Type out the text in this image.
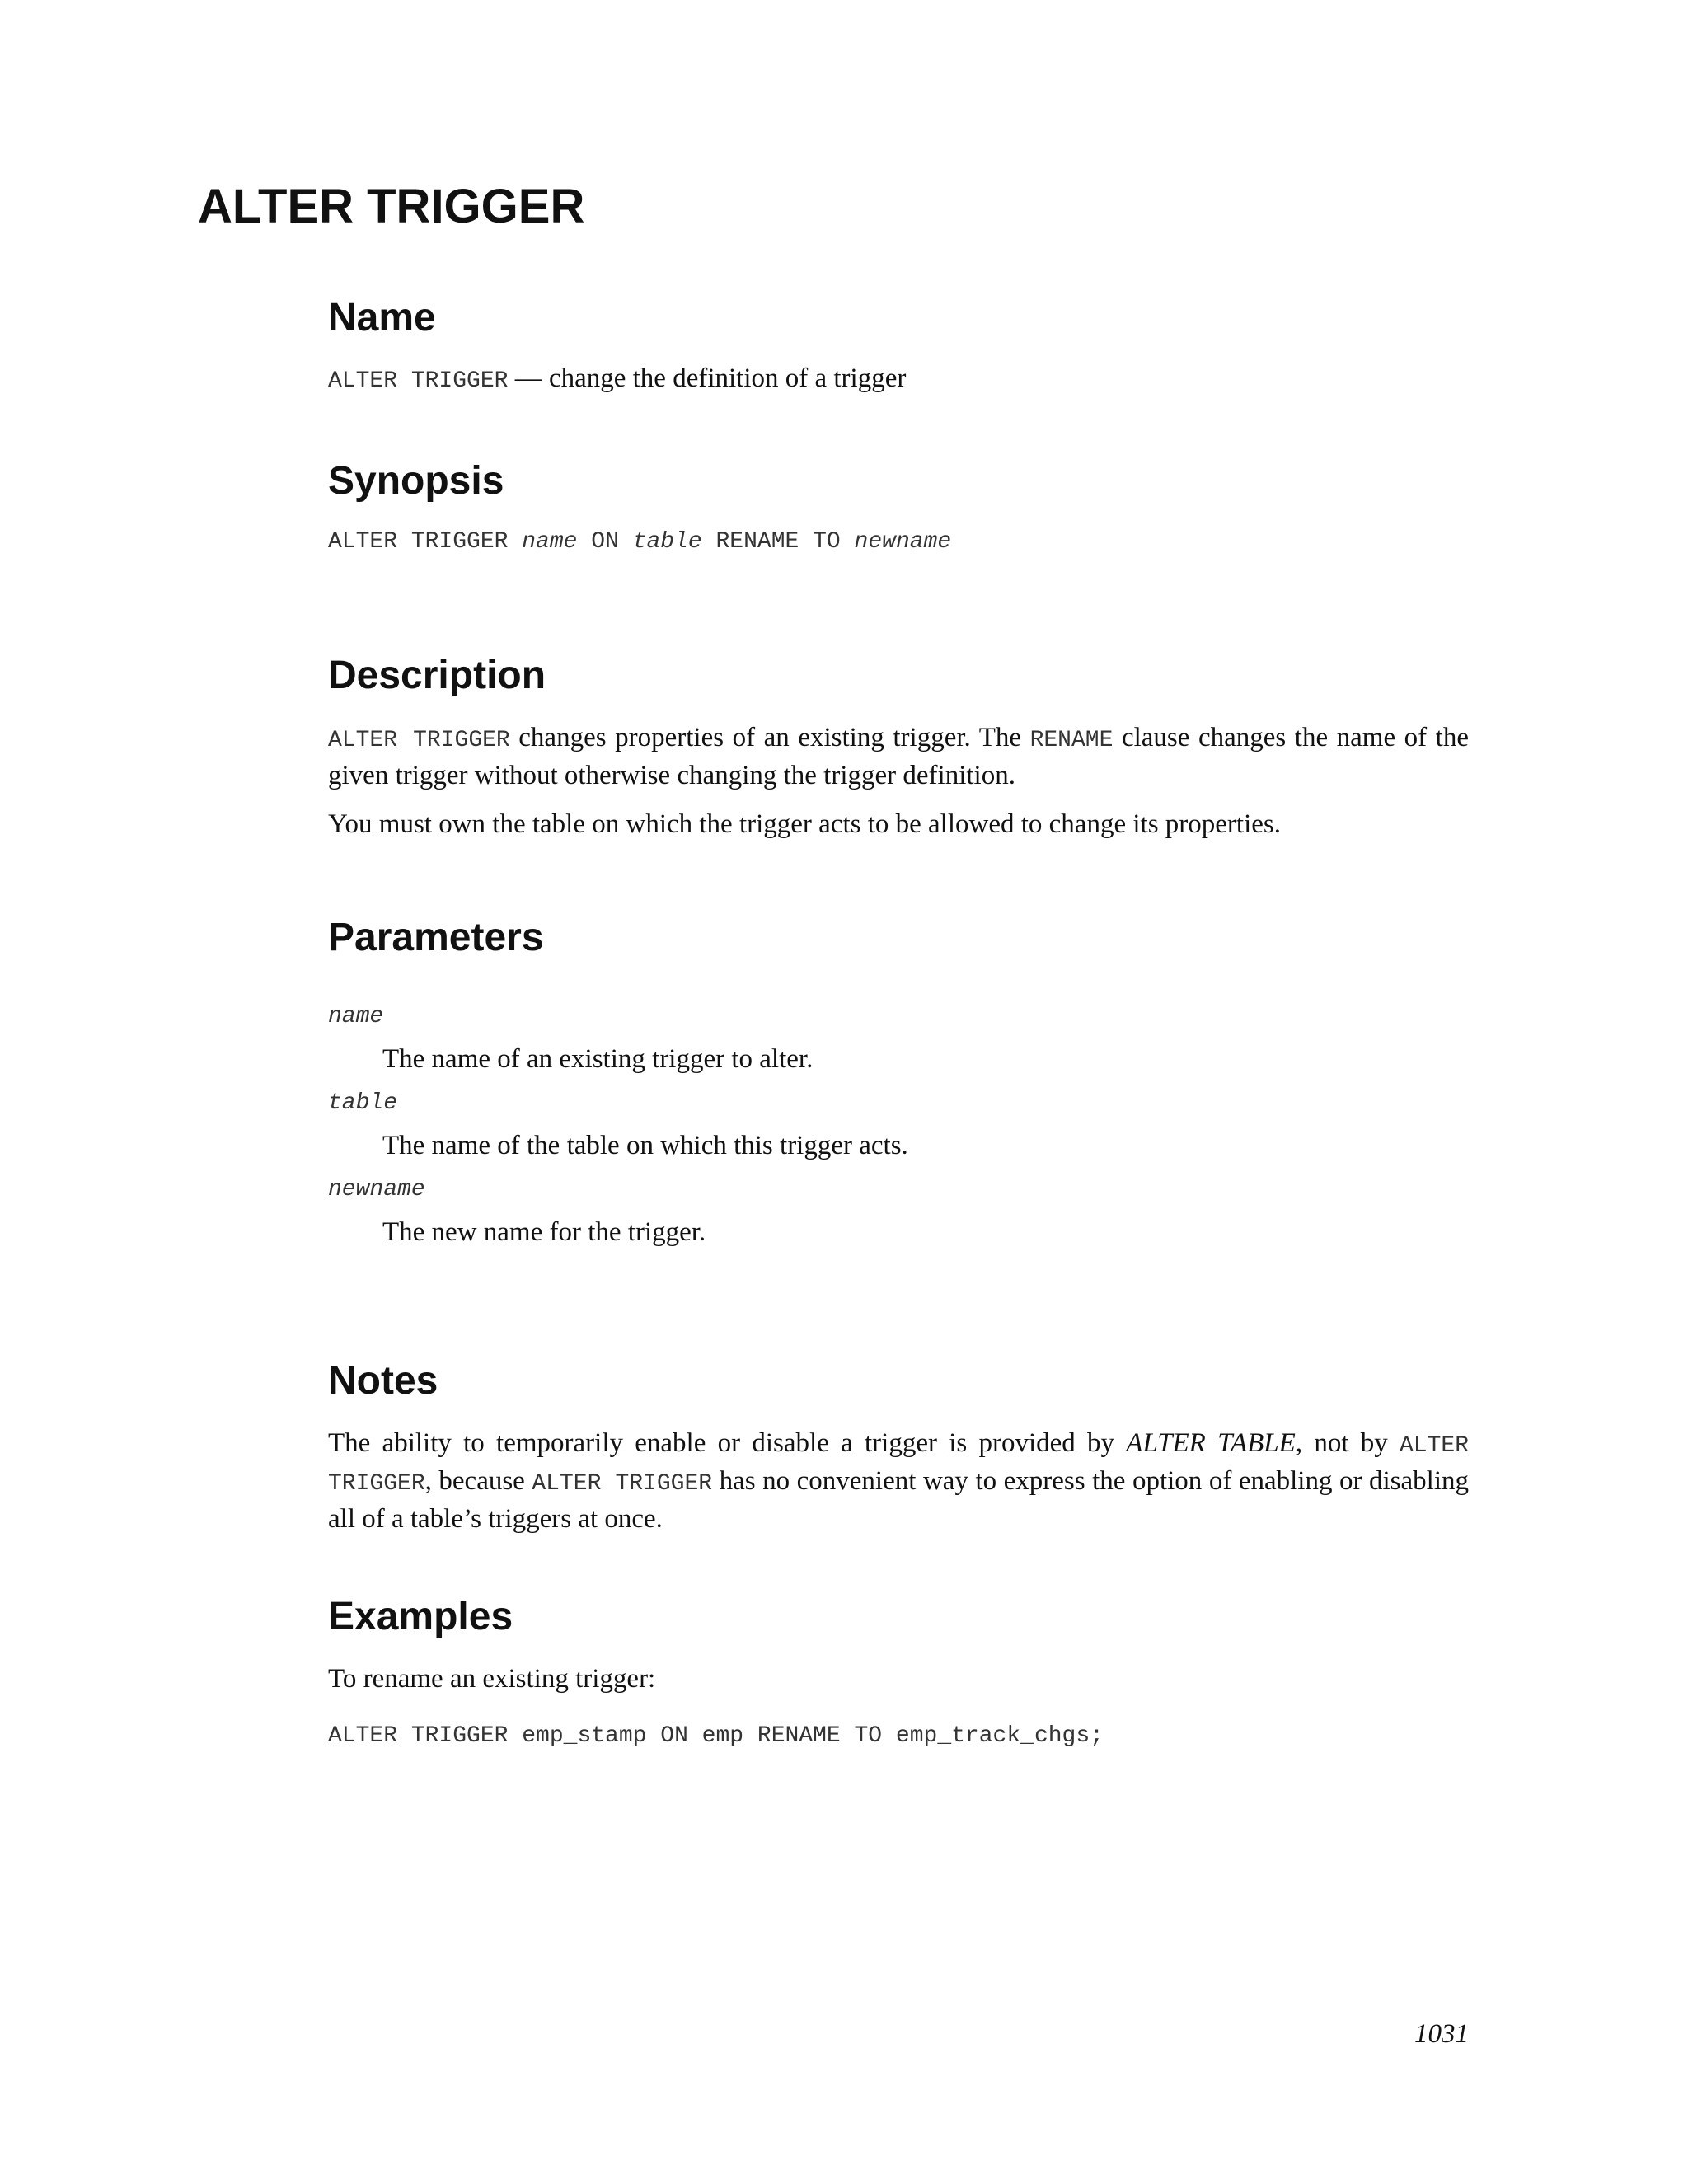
ALTER TRIGGER
Name

ALTER TRIGGER — change the definition of a trigger

Synopsis

ALTER TRIGGER name ON table RENAME TO newname

Description

ALTER TRIGGER changes properties of an existing trigger. The RENAME clause changes the name of the given trigger without otherwise changing the trigger definition.

You must own the table on which the trigger acts to be allowed to change its properties.

Parameters

name

The name of an existing trigger to alter.

table

The name of the table on which this trigger acts.

newname

The new name for the trigger.

Notes

The ability to temporarily enable or disable a trigger is provided by ALTER TABLE, not by ALTER TRIGGER, because ALTER TRIGGER has no convenient way to express the option of enabling or disabling all of a table’s triggers at once.

Examples

To rename an existing trigger:

ALTER TRIGGER emp_stamp ON emp RENAME TO emp_track_chgs;

1031
